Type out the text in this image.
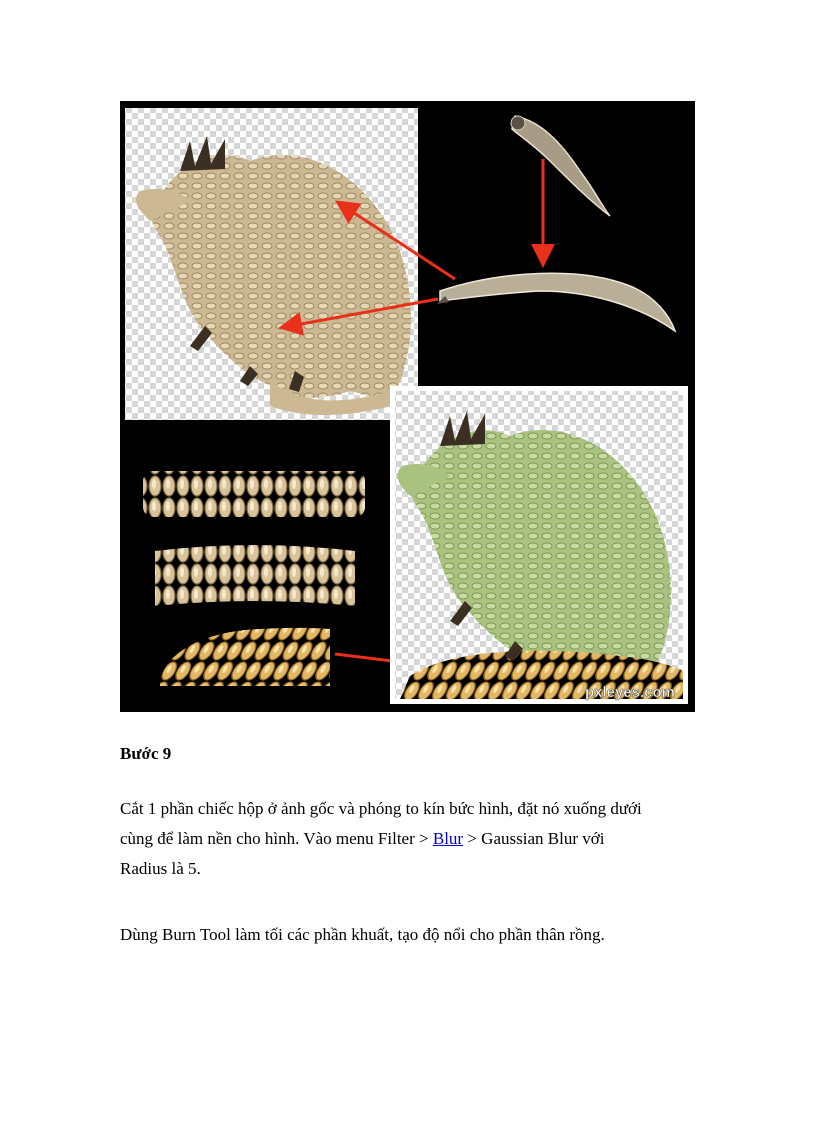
pxleyes.com
Bước 9

Cắt 1 phần chiếc hộp ở ảnh gốc và phóng to kín bức hình, đặt nó xuống dưới
cùng để làm nền cho hình. Vào menu Filter > Blur > Gaussian Blur với
Radius là 5.

Dùng Burn Tool làm tối các phần khuất, tạo độ nổi cho phần thân rồng.
